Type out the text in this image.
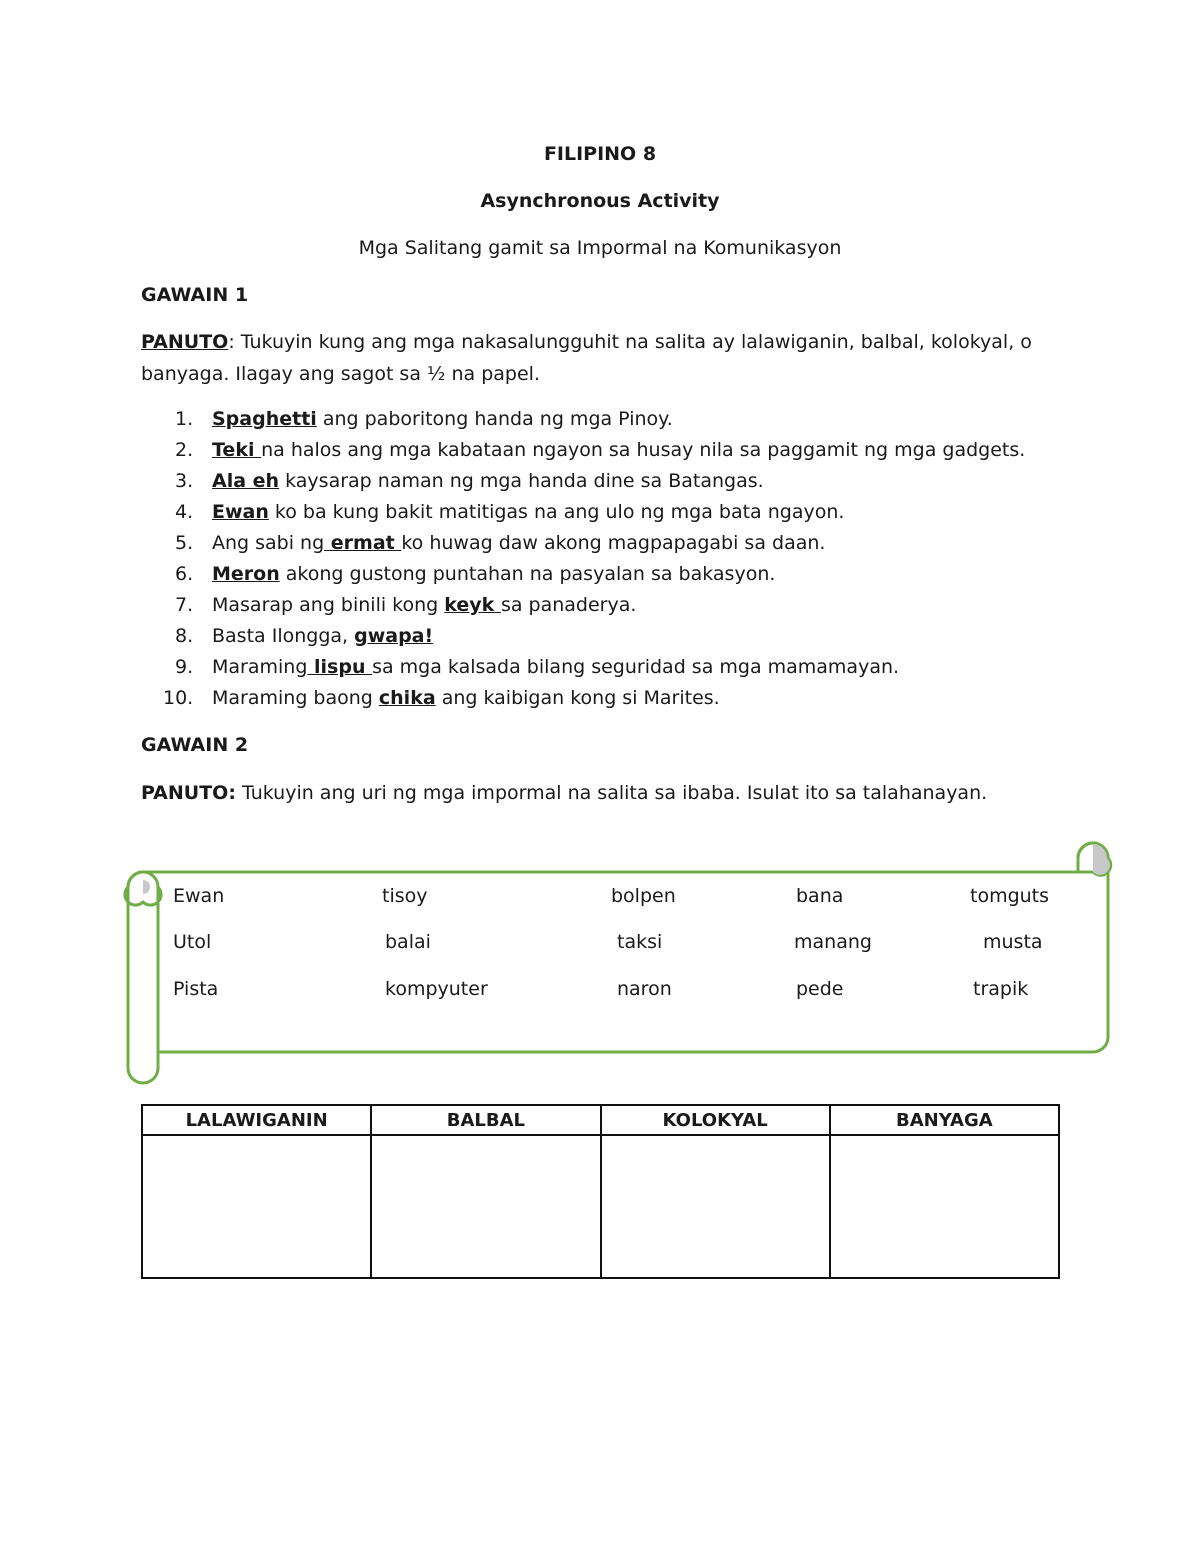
FILIPINO 8
Asynchronous Activity
Mga Salitang gamit sa Impormal na Komunikasyon
GAWAIN 1
PANUTO: Tukuyin kung ang mga nakasalungguhit na salita ay lalawiganin, balbal, kolokyal, o banyaga. Ilagay ang sagot sa ½ na papel.
1. Spaghetti ang paboritong handa ng mga Pinoy.
2. Teki na halos ang mga kabataan ngayon sa husay nila sa paggamit ng mga gadgets.
3. Ala eh kaysarap naman ng mga handa dine sa Batangas.
4. Ewan ko ba kung bakit matitigas na ang ulo ng mga bata ngayon.
5. Ang sabi ng ermat ko huwag daw akong magpapagabi sa daan.
6. Meron akong gustong puntahan na pasyalan sa bakasyon.
7. Masarap ang binili kong keyk sa panaderya.
8. Basta Ilongga, gwapa!
9. Maraming lispu sa mga kalsada bilang seguridad sa mga mamamayan.
10. Maraming baong chika ang kaibigan kong si Marites.
GAWAIN 2
PANUTO: Tukuyin ang uri ng mga impormal na salita sa ibaba. Isulat ito sa talahanayan.
Ewan	tisoy	bolpen	bana	tomguts
Utol	balai	taksi	manang	musta
Pista	kompyuter	naron	pede	trapik
LALAWIGANIN	BALBAL	KOLOKYAL	BANYAGA
